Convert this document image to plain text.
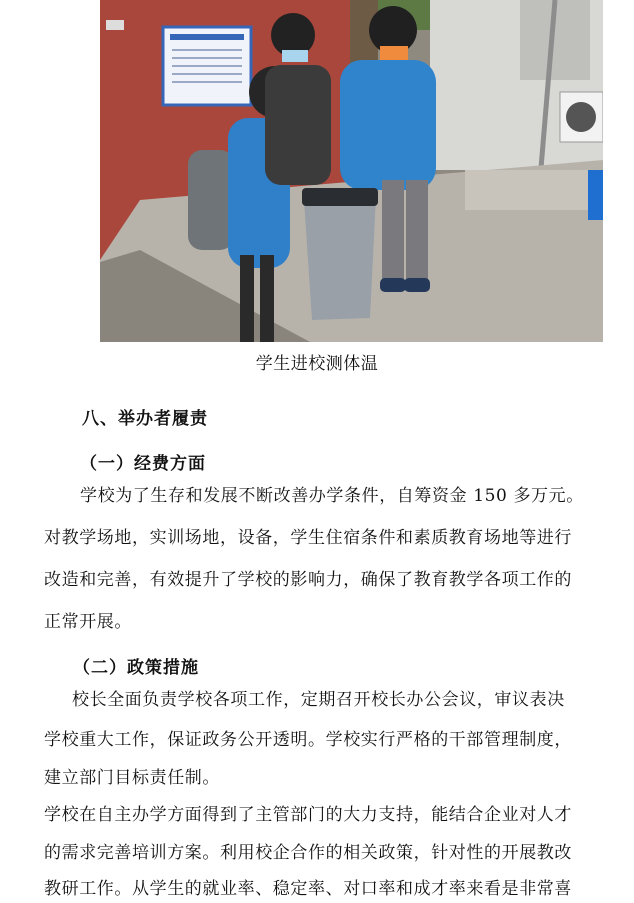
学生进校测体温
八、举办者履责
（一）经费方面
学校为了生存和发展不断改善办学条件，自筹资金 150 多万元。
对教学场地，实训场地，设备，学生住宿条件和素质教育场地等进行
改造和完善，有效提升了学校的影响力，确保了教育教学各项工作的
正常开展。
（二）政策措施
校长全面负责学校各项工作，定期召开校长办公会议，审议表决
学校重大工作，保证政务公开透明。学校实行严格的干部管理制度，
建立部门目标责任制。
学校在自主办学方面得到了主管部门的大力支持，能结合企业对人才
的需求完善培训方案。利用校企合作的相关政策，针对性的开展教改
教研工作。从学生的就业率、稳定率、对口率和成才率来看是非常喜
